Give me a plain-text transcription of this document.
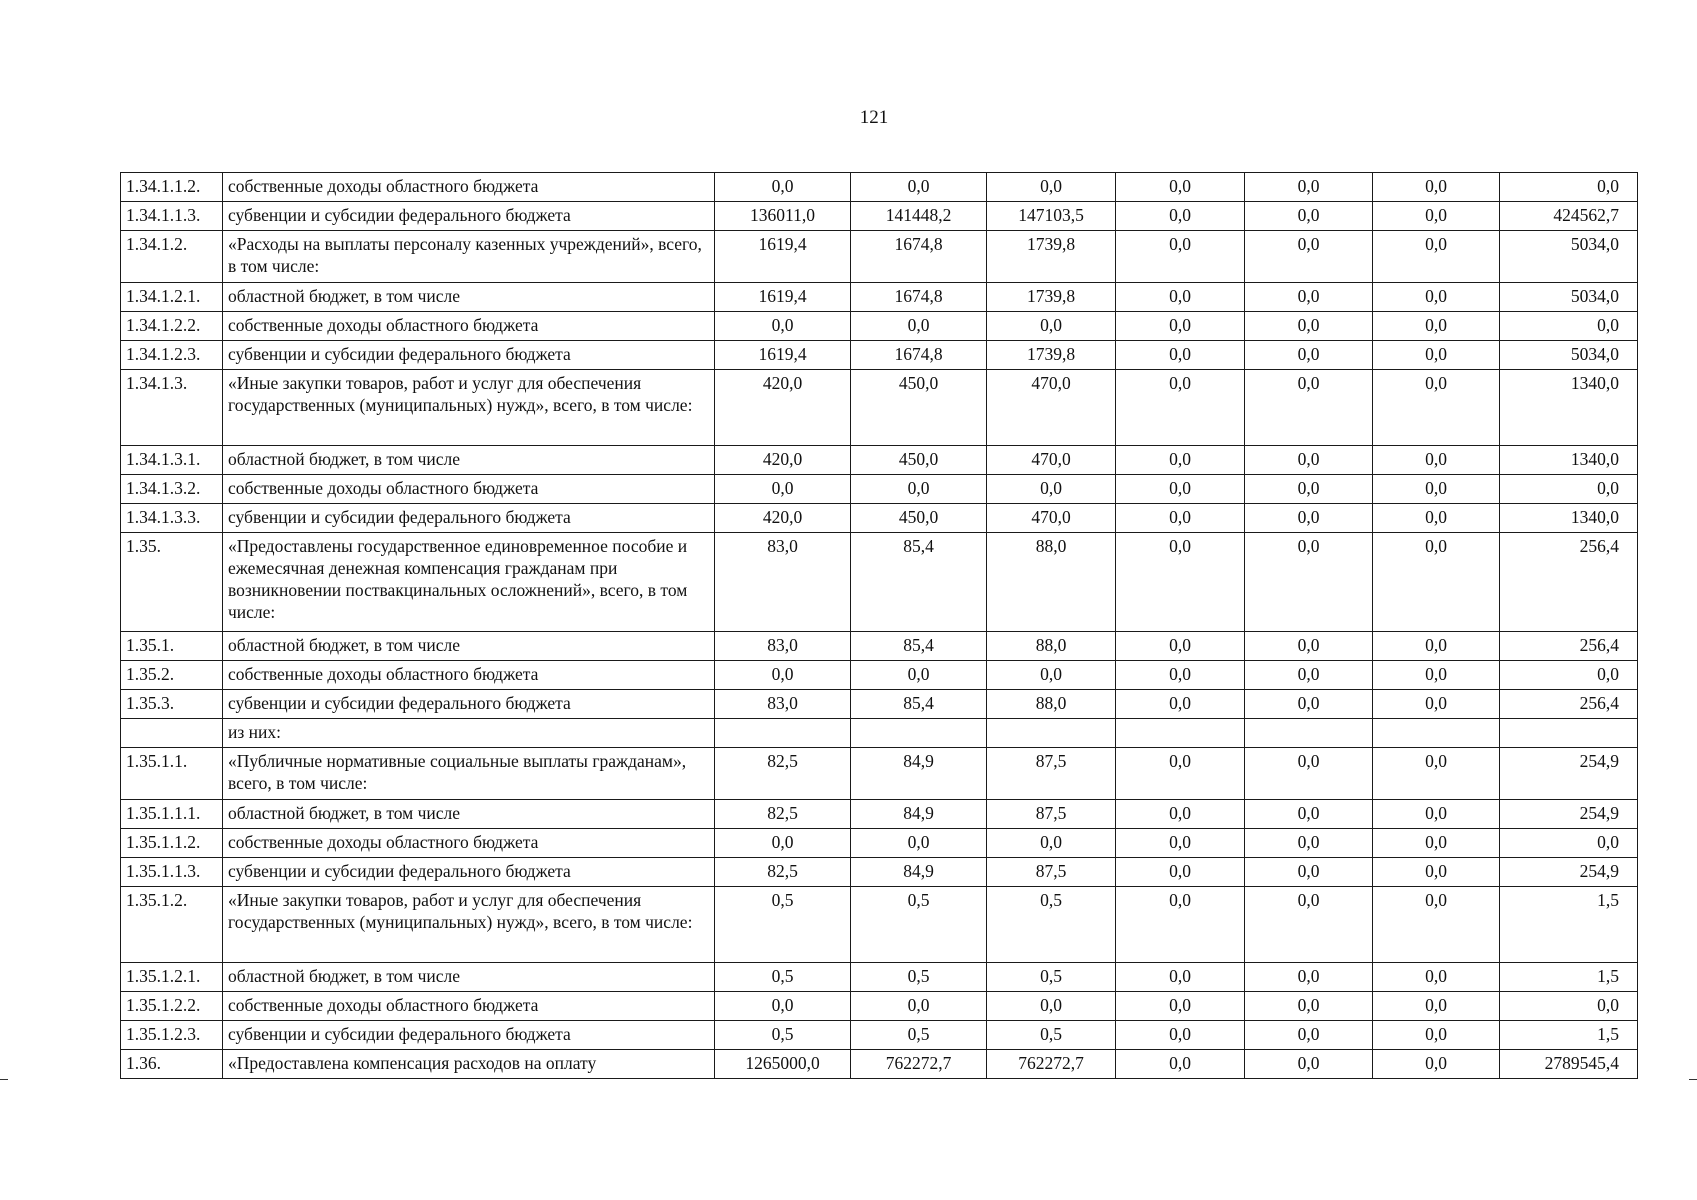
121
1.34.1.1.2.	собственные доходы областного бюджета	0,0	0,0	0,0	0,0	0,0	0,0	0,0
1.34.1.1.3.	субвенции и субсидии федерального бюджета	136011,0	141448,2	147103,5	0,0	0,0	0,0	424562,7
1.34.1.2.	«Расходы на выплаты персоналу казенных учреждений», всего, в том числе:	1619,4	1674,8	1739,8	0,0	0,0	0,0	5034,0
1.34.1.2.1.	областной бюджет, в том числе	1619,4	1674,8	1739,8	0,0	0,0	0,0	5034,0
1.34.1.2.2.	собственные доходы областного бюджета	0,0	0,0	0,0	0,0	0,0	0,0	0,0
1.34.1.2.3.	субвенции и субсидии федерального бюджета	1619,4	1674,8	1739,8	0,0	0,0	0,0	5034,0
1.34.1.3.	«Иные закупки товаров, работ и услуг для обеспечения государственных (муниципальных) нужд», всего, в том числе:	420,0	450,0	470,0	0,0	0,0	0,0	1340,0
1.34.1.3.1.	областной бюджет, в том числе	420,0	450,0	470,0	0,0	0,0	0,0	1340,0
1.34.1.3.2.	собственные доходы областного бюджета	0,0	0,0	0,0	0,0	0,0	0,0	0,0
1.34.1.3.3.	субвенции и субсидии федерального бюджета	420,0	450,0	470,0	0,0	0,0	0,0	1340,0
1.35.	«Предоставлены государственное единовременное пособие и ежемесячная денежная компенсация гражданам при возникновении поствакцинальных осложнений», всего, в том числе:	83,0	85,4	88,0	0,0	0,0	0,0	256,4
1.35.1.	областной бюджет, в том числе	83,0	85,4	88,0	0,0	0,0	0,0	256,4
1.35.2.	собственные доходы областного бюджета	0,0	0,0	0,0	0,0	0,0	0,0	0,0
1.35.3.	субвенции и субсидии федерального бюджета	83,0	85,4	88,0	0,0	0,0	0,0	256,4
	из них:							
1.35.1.1.	«Публичные нормативные социальные выплаты гражданам», всего, в том числе:	82,5	84,9	87,5	0,0	0,0	0,0	254,9
1.35.1.1.1.	областной бюджет, в том числе	82,5	84,9	87,5	0,0	0,0	0,0	254,9
1.35.1.1.2.	собственные доходы областного бюджета	0,0	0,0	0,0	0,0	0,0	0,0	0,0
1.35.1.1.3.	субвенции и субсидии федерального бюджета	82,5	84,9	87,5	0,0	0,0	0,0	254,9
1.35.1.2.	«Иные закупки товаров, работ и услуг для обеспечения государственных (муниципальных) нужд», всего, в том числе:	0,5	0,5	0,5	0,0	0,0	0,0	1,5
1.35.1.2.1.	областной бюджет, в том числе	0,5	0,5	0,5	0,0	0,0	0,0	1,5
1.35.1.2.2.	собственные доходы областного бюджета	0,0	0,0	0,0	0,0	0,0	0,0	0,0
1.35.1.2.3.	субвенции и субсидии федерального бюджета	0,5	0,5	0,5	0,0	0,0	0,0	1,5
1.36.	«Предоставлена компенсация расходов на оплату	1265000,0	762272,7	762272,7	0,0	0,0	0,0	2789545,4
